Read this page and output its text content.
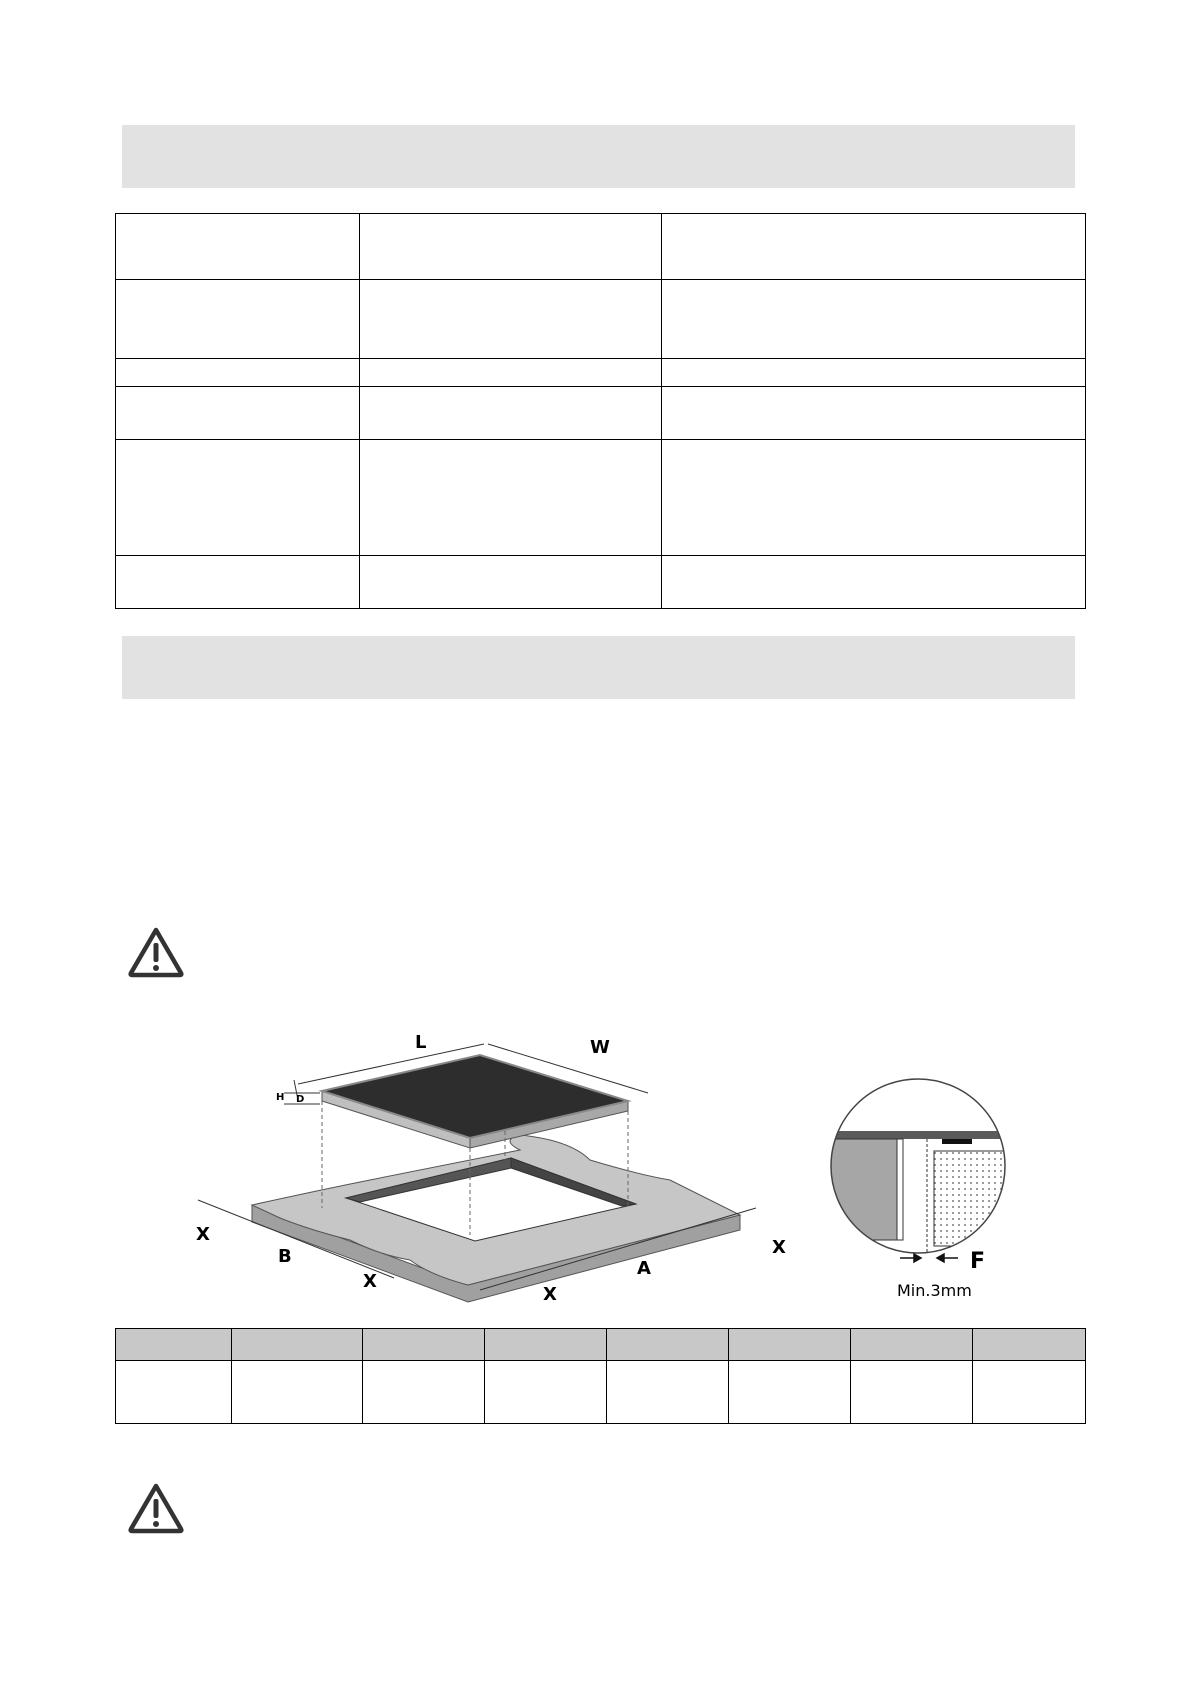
L	W
H D
X
B
X
X
A
X
F
Min.3mm
